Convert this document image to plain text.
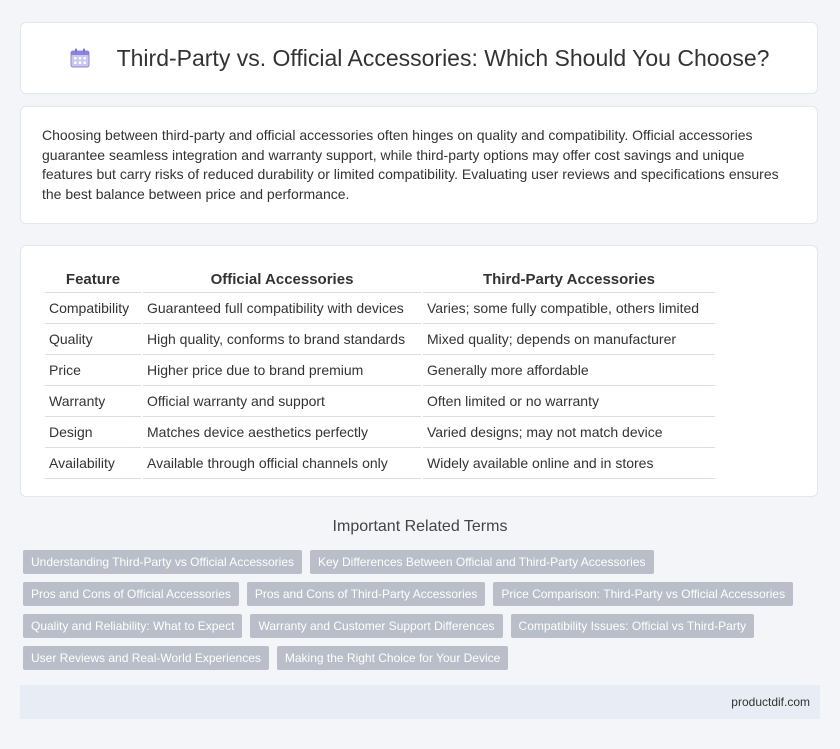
Third-Party vs. Official Accessories: Which Should You Choose?

Choosing between third-party and official accessories often hinges on quality and compatibility. Official accessories guarantee seamless integration and warranty support, while third-party options may offer cost savings and unique features but carry risks of reduced durability or limited compatibility. Evaluating user reviews and specifications ensures the best balance between price and performance.

Feature	Official Accessories	Third-Party Accessories
Compatibility	Guaranteed full compatibility with devices	Varies; some fully compatible, others limited
Quality	High quality, conforms to brand standards	Mixed quality; depends on manufacturer
Price	Higher price due to brand premium	Generally more affordable
Warranty	Official warranty and support	Often limited or no warranty
Design	Matches device aesthetics perfectly	Varied designs; may not match device
Availability	Available through official channels only	Widely available online and in stores
Important Related Terms
Understanding Third-Party vs Official Accessories	Key Differences Between Official and Third-Party Accessories
Pros and Cons of Official Accessories	Pros and Cons of Third-Party Accessories	Price Comparison: Third-Party vs Official Accessories
Quality and Reliability: What to Expect	Warranty and Customer Support Differences	Compatibility Issues: Official vs Third-Party
User Reviews and Real-World Experiences	Making the Right Choice for Your Device
productdif.com
